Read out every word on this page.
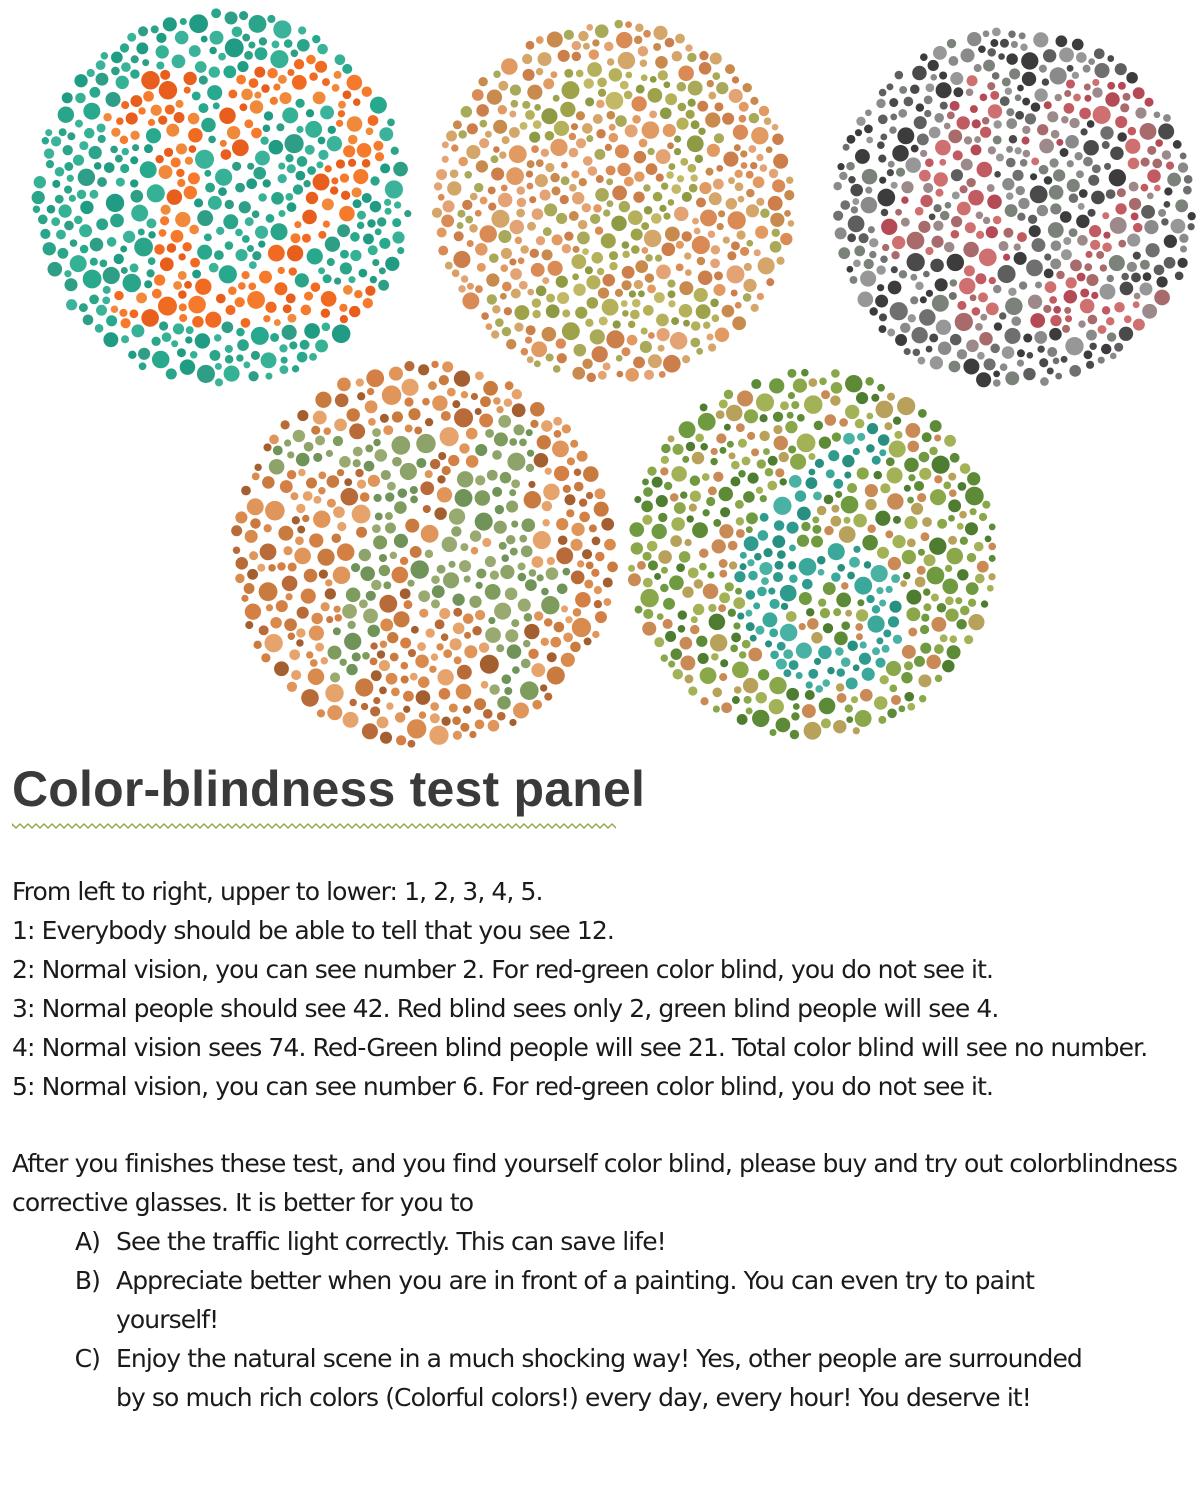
Color-blindness test panel

From left to right, upper to lower: 1, 2, 3, 4, 5.

1: Everybody should be able to tell that you see 12.

2: Normal vision, you can see number 2. For red-green color blind, you do not see it.

3: Normal people should see 42. Red blind sees only 2, green blind people will see 4.

4: Normal vision sees 74. Red-Green blind people will see 21. Total color blind will see no number.

5: Normal vision, you can see number 6. For red-green color blind, you do not see it.

After you finishes these test, and you find yourself color blind, please buy and try out colorblindness corrective glasses. It is better for you to

A ) See the traffic light correctly. This can save life!
B ) Appreciate better when you are in front of a painting. You can even try to paint yourself!
C ) Enjoy the natural scene in a much shocking way! Yes, other people are surrounded by so much rich colors (Colorful colors!) every day, every hour! You deserve it!
